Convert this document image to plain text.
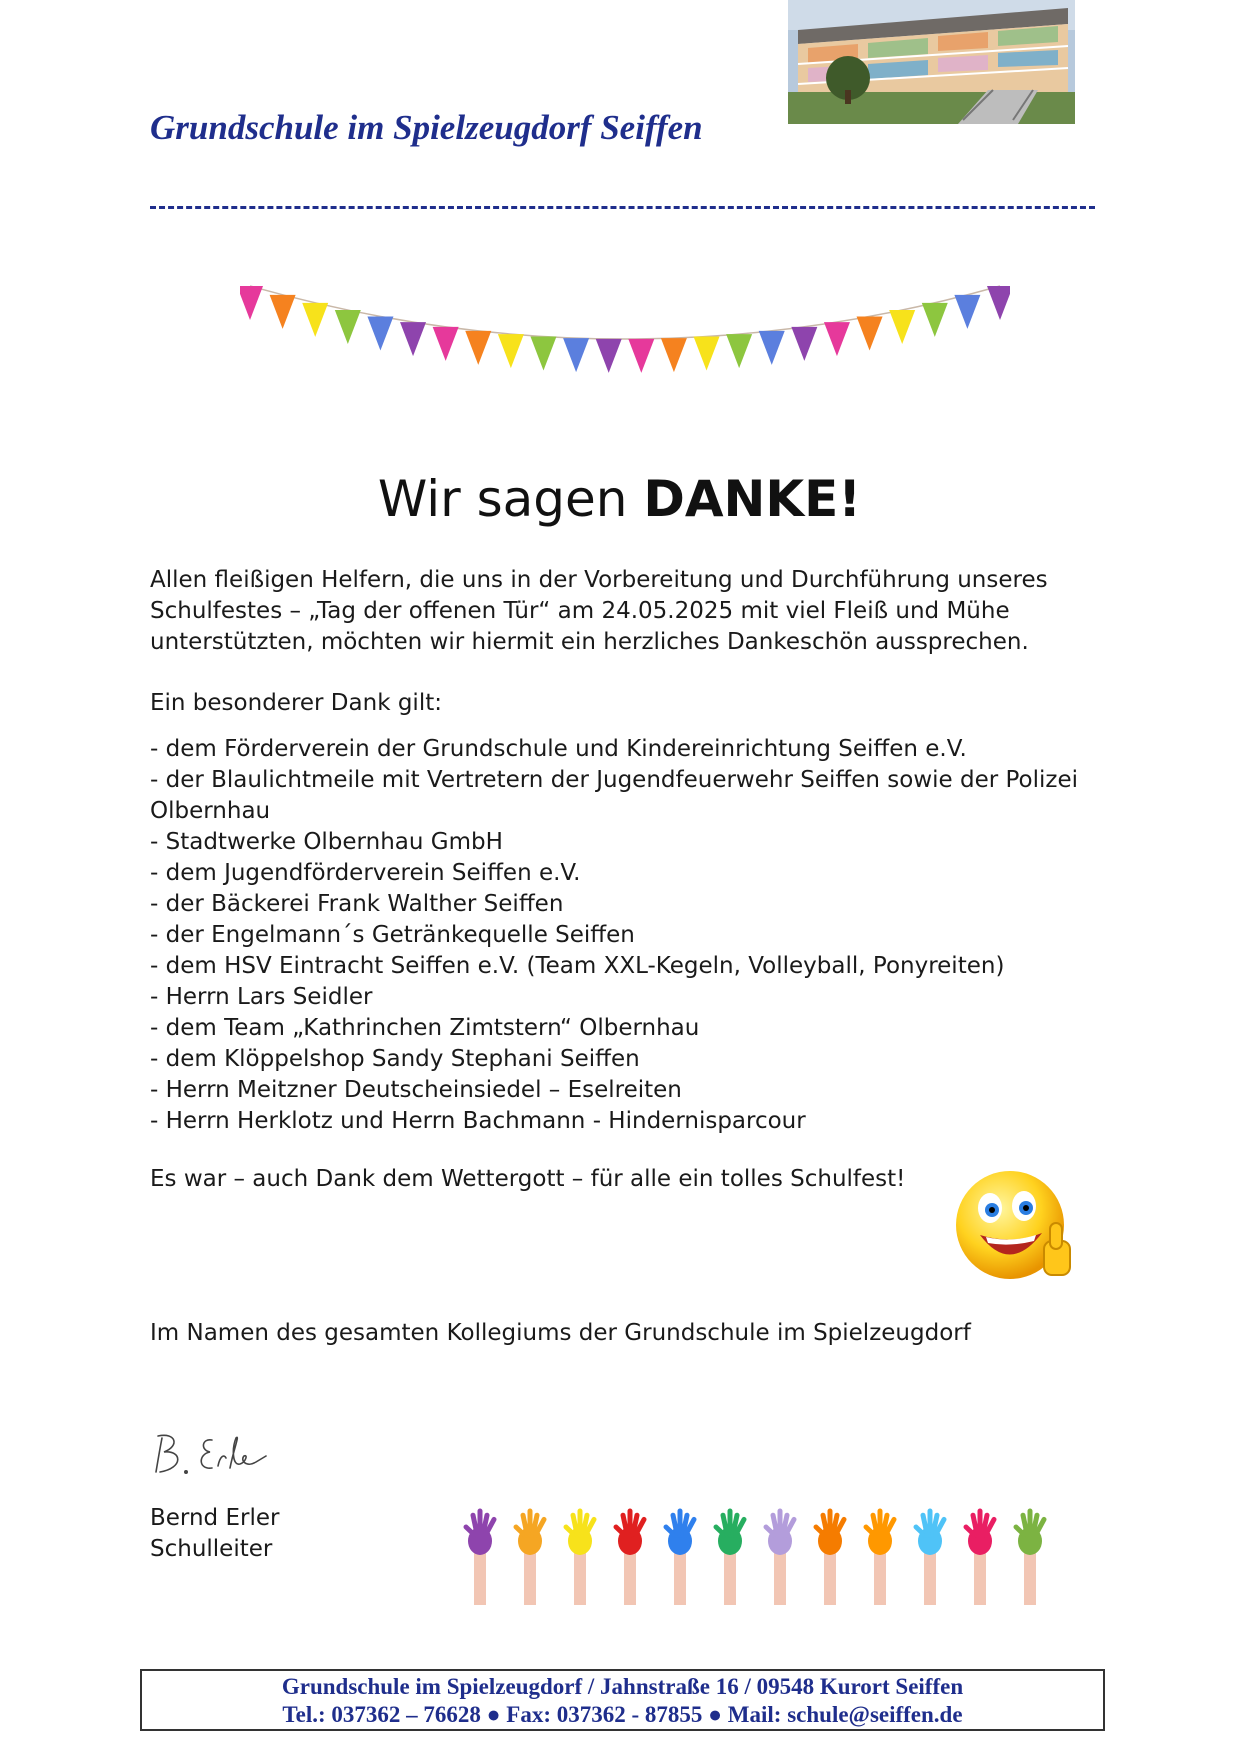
Grundschule im Spielzeugdorf Seiffen
Wir sagen DANKE!
Allen fleißigen Helfern, die uns in der Vorbereitung und Durchführung unseres Schulfestes – „Tag der offenen Tür“ am 24.05.2025 mit viel Fleiß und Mühe unterstützten, möchten wir hiermit ein herzliches Dankeschön aussprechen.
Ein besonderer Dank gilt:
- dem Förderverein der Grundschule und Kindereinrichtung Seiffen e.V.
- der Blaulichtmeile mit Vertretern der Jugendfeuerwehr Seiffen sowie der Polizei Olbernhau
- Stadtwerke Olbernhau GmbH
- dem Jugendförderverein Seiffen e.V.
- der Bäckerei Frank Walther Seiffen
- der Engelmann´s Getränkequelle Seiffen
- dem HSV Eintracht Seiffen e.V. (Team XXL-Kegeln, Volleyball, Ponyreiten)
- Herrn Lars Seidler
- dem Team „Kathrinchen Zimtstern“ Olbernhau
- dem Klöppelshop Sandy Stephani Seiffen
- Herrn Meitzner Deutscheinsiedel – Eselreiten
- Herrn Herklotz und Herrn Bachmann - Hindernisparcour
Es war – auch Dank dem Wettergott – für alle ein tolles Schulfest!
Im Namen des gesamten Kollegiums der Grundschule im Spielzeugdorf
Bernd Erler
Schulleiter
Grundschule im Spielzeugdorf / Jahnstraße 16 / 09548 Kurort Seiffen
Tel.: 037362 – 76628 ● Fax: 037362 - 87855 ● Mail: schule@seiffen.de
